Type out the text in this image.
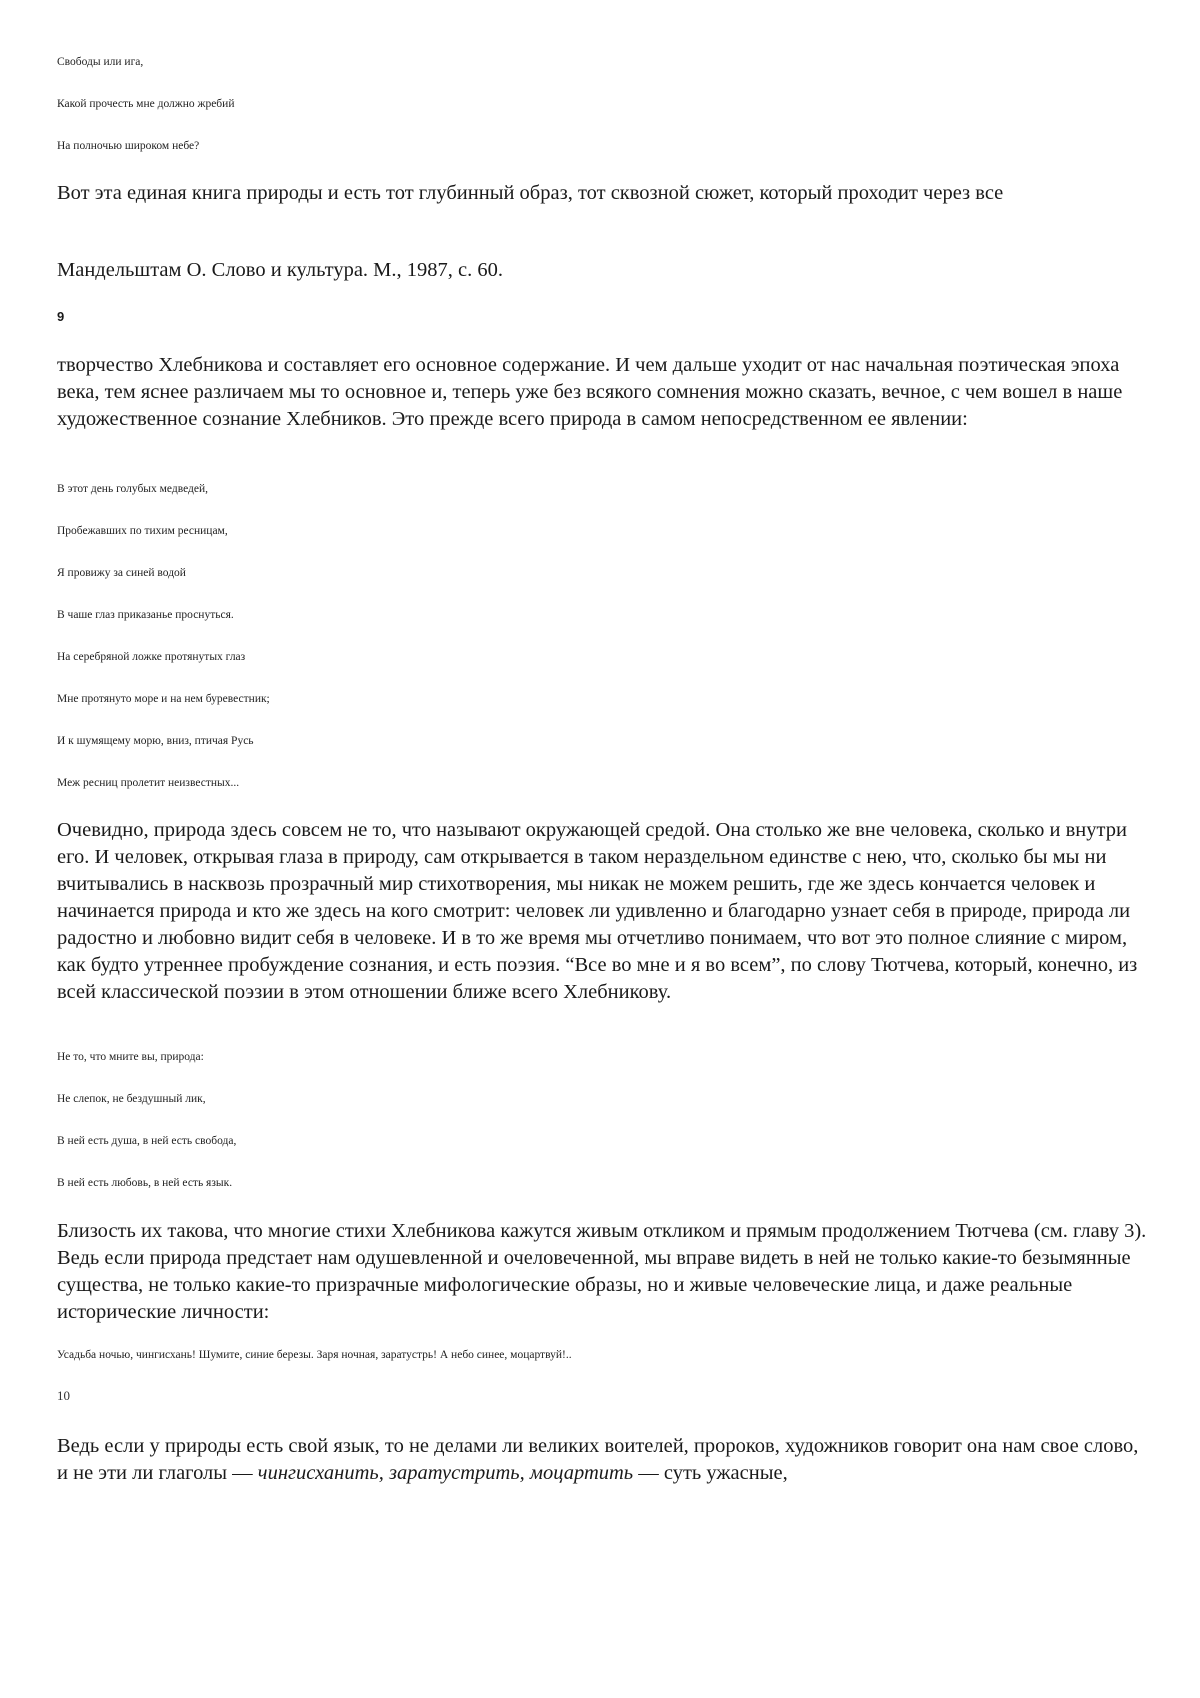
Свободы или ига,
Какой прочесть мне должно жребий
На полночью широком небе?

Вот эта единая книга природы и есть тот глубинный образ, тот сквозной сюжет, который проходит через все

Мандельштам О. Слово и культура. М., 1987, с. 60.
9

творчество Хлебникова и составляет его основное содержание. И чем дальше уходит от нас начальная поэтическая эпоха века, тем яснее различаем мы то основное и, теперь уже без всякого сомнения можно сказать, вечное, с чем вошел в наше художественное сознание Хлебников. Это прежде всего природа в самом непосредственном ее явлении:

В этот день голубых медведей,
Пробежавших по тихим ресницам,
Я провижу за синей водой
В чаше глаз приказанье проснуться.
На серебряной ложке протянутых глаз
Мне протянуто море и на нем буревестник;
И к шумящему морю, вниз, птичая Русь
Меж ресниц пролетит неизвестных...

Очевидно, природа здесь совсем не то, что называют окружающей средой. Она столько же вне человека, сколько и внутри его. И человек, открывая глаза в природу, сам открывается в таком нераздельном единстве с нею, что, сколько бы мы ни вчитывались в насквозь прозрачный мир стихотворения, мы никак не можем решить, где же здесь кончается человек и начинается природа и кто же здесь на кого смотрит: человек ли удивленно и благодарно узнает себя в природе, природа ли радостно и любовно видит себя в человеке. И в то же время мы отчетливо понимаем, что вот это полное слияние с миром, как будто утреннее пробуждение сознания, и есть поэзия. “Все во мне и я во всем”, по слову Тютчева, который, конечно, из всей классической поэзии в этом отношении ближе всего Хлебникову.

Не то, что мните вы, природа:
Не слепок, не бездушный лик,
В ней есть душа, в ней есть свобода,
В ней есть любовь, в ней есть язык.

Близость их такова, что многие стихи Хлебникова кажутся живым откликом и прямым продолжением Тютчева (см. главу 3). Ведь если природа предстает нам одушевленной и очеловеченной, мы вправе видеть в ней не только какие-то безымянные существа, не только какие-то призрачные мифологические образы, но и живые человеческие лица, и даже реальные исторические личности:

Усадьба ночью, чингисхань! Шумите, синие березы. Заря ночная, заратустрь! А небо синее, моцартвуй!..
10

Ведь если у природы есть свой язык, то не делами ли великих воителей, пророков, художников говорит она нам свое слово, и не эти ли глаголы — чингисханить, заратустрить, моцартить — суть ужасные,
